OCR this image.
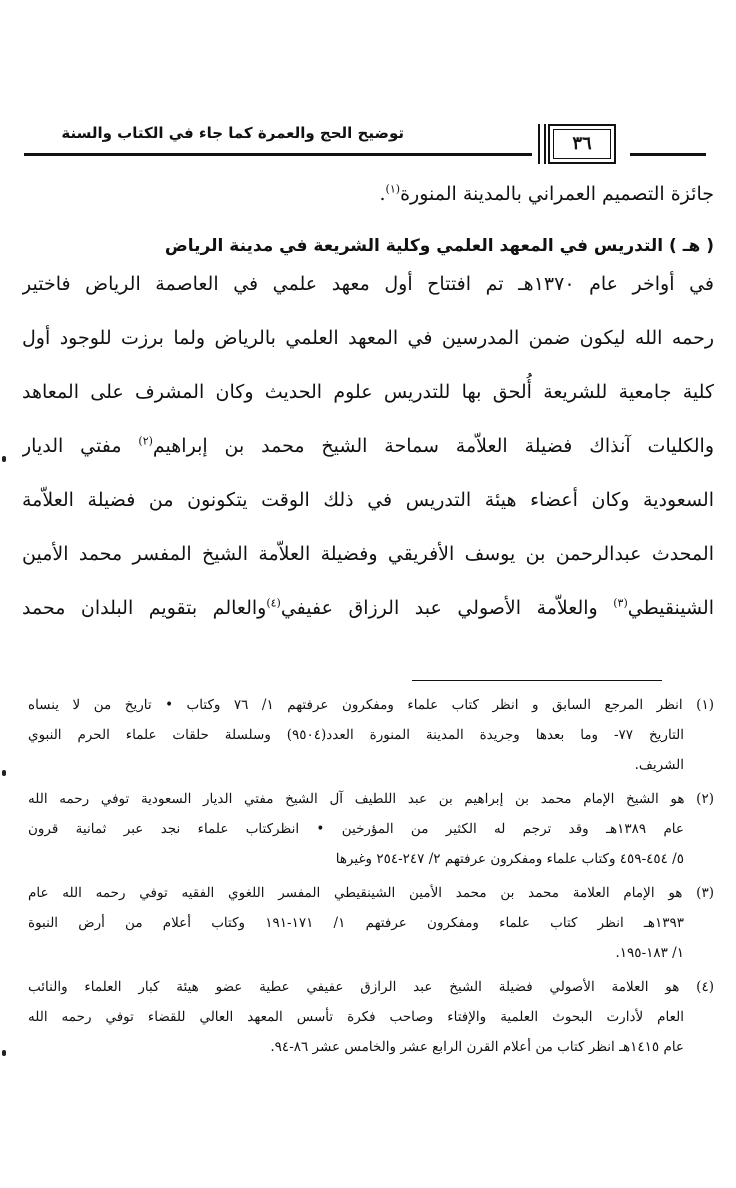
توضيح الحج والعمرة كما جاء في الكتاب والسنة	٣٦
جائزة التصميم العمراني بالمدينة المنورة$^{(١)}$.
( هـ ) التدريس في المعهد العلمي وكلية الشريعة في مدينة الرياض
في أواخر عام ١٣٧٠هـ تم افتتاح أول معهد علمي في العاصمة الرياض فاختير
رحمه الله ليكون ضمن المدرسين في المعهد العلمي بالرياض ولما برزت للوجود أول
كلية جامعية للشريعة أُلحق بها للتدريس علوم الحديث وكان المشرف على المعاهد
والكليات آنذاك فضيلة العلاّمة سماحة الشيخ محمد بن إبراهيم$^{(٢)}$ مفتي الديار
السعودية وكان أعضاء هيئة التدريس في ذلك الوقت يتكونون من فضيلة العلاّمة
المحدث عبدالرحمن بن يوسف الأفريقي وفضيلة العلاّمة الشيخ المفسر محمد الأمين
الشينقيطي$^{(٣)}$ والعلاّمة الأصولي عبد الرزاق عفيفي$^{(٤)}$والعالم بتقويم البلدان محمد
(١) انظر المرجع السابق و انظر كتاب علماء ومفكرون عرفتهم ١/ ٧٦ وكتاب • تاريخ من لا ينساه
التاريخ ٧٧- وما بعدها وجريدة المدينة المنورة العدد(٩٥٠٤) وسلسلة حلقات علماء الحرم النبوي
الشريف.
(٢) هو الشيخ الإمام محمد بن إبراهيم بن عبد اللطيف آل الشيخ مفتي الديار السعودية توفي رحمه الله
عام ١٣٨٩هـ وقد ترجم له الكثير من المؤرخين • انظركتاب علماء نجد عبر ثمانية قرون
٥/ ٤٥٤-٤٥٩ وكتاب علماء ومفكرون عرفتهم ٢/ ٢٤٧-٢٥٤ وغيرها
(٣) هو الإمام العلامة محمد بن محمد الأمين الشينقيطي المفسر اللغوي الفقيه توفي رحمه الله عام
١٣٩٣هـ انظر كتاب علماء ومفكرون عرفتهم ١/ ١٧١-١٩١ وكتاب أعلام من أرض النبوة
١/ ١٨٣-١٩٥.
(٤) هو العلامة الأصولي فضيلة الشيخ عبد الرازق عفيفي عطية عضو هيئة كبار العلماء والنائب
العام لأدارت البحوث العلمية والإفتاء وصاحب فكرة تأسس المعهد العالي للقضاء توفي رحمه الله
عام ١٤١٥هـ انظر كتاب من أعلام القرن الرابع عشر والخامس عشر ٨٦-٩٤.
